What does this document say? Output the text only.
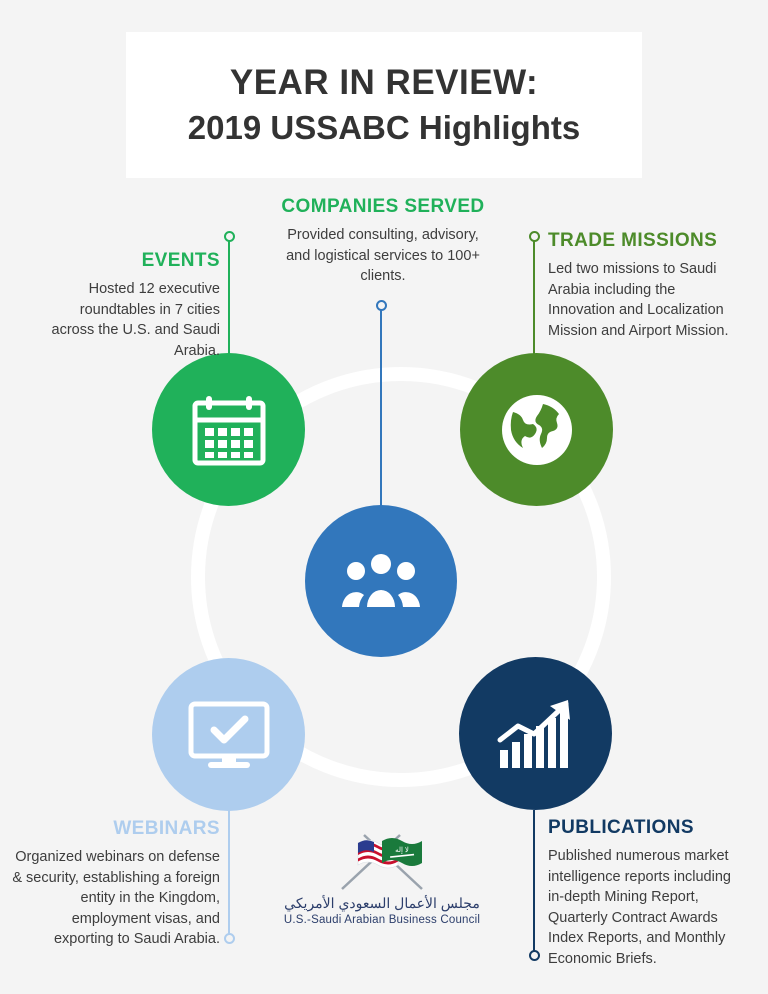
YEAR IN REVIEW:
2019 USSABC Highlights
EVENTS

Hosted 12 executive roundtables in 7 cities across the U.S. and Saudi Arabia.

COMPANIES SERVED

Provided consulting, advisory, and logistical services to 100+ clients.

TRADE MISSIONS

Led two missions to Saudi Arabia including the Innovation and Localization Mission and Airport Mission.

WEBINARS

Organized webinars on defense & security, establishing a foreign entity in the Kingdom, employment visas, and exporting to Saudi Arabia.

PUBLICATIONS

Published numerous market intelligence reports including in-depth Mining Report, Quarterly Contract Awards Index Reports, and Monthly Economic Briefs.

لا إله
مجلس الأعمال السعودي الأمريكي
U.S.-Saudi Arabian Business Council
